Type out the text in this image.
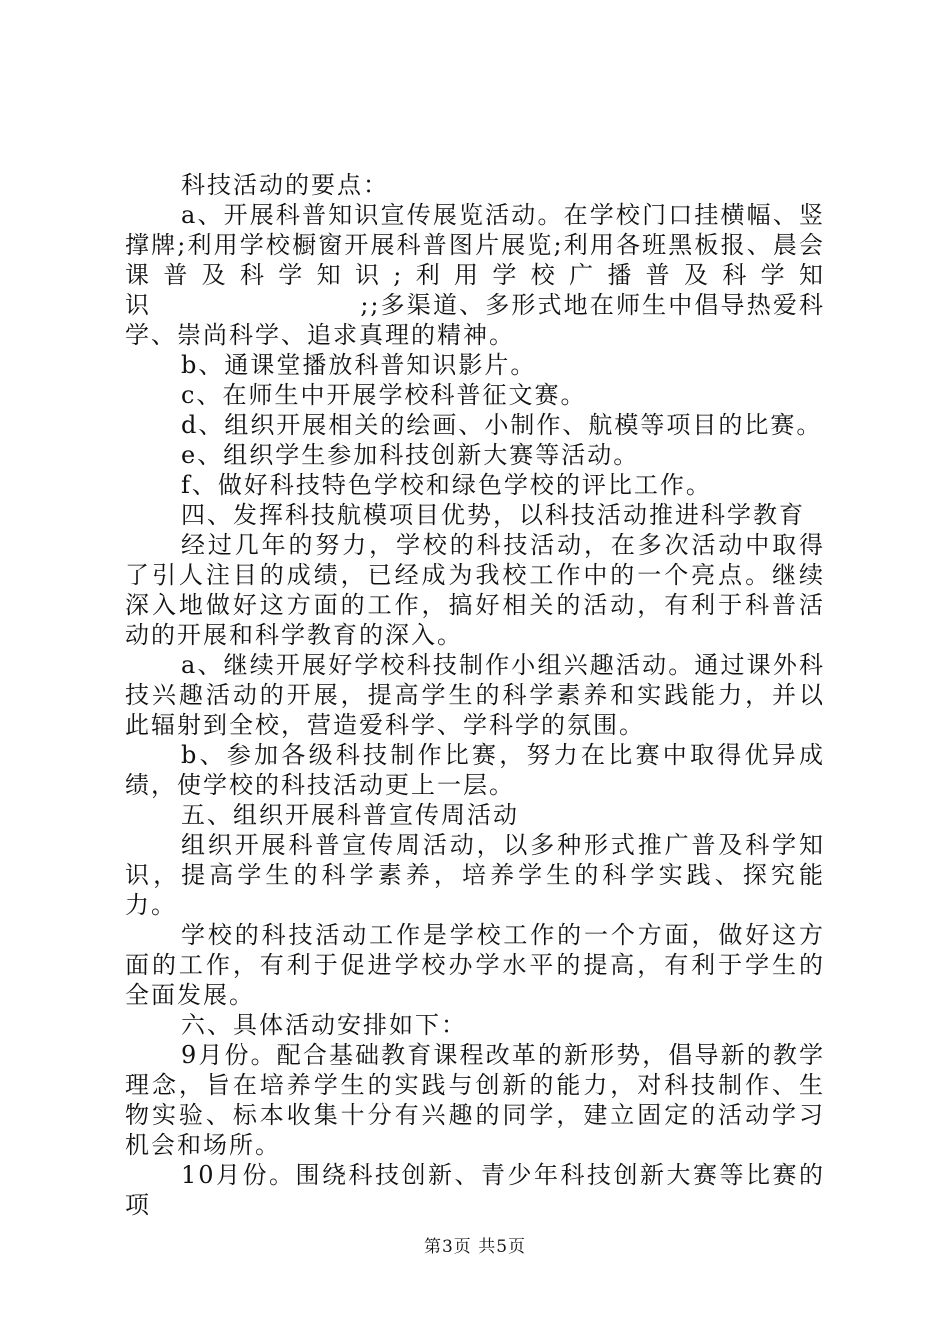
科技活动的要点：

a、开展科普知识宣传展览活动。在学校门口挂横幅、竖撑牌;利用学校橱窗开展科普图片展览;利用各班黑板报、晨会课普及科学知识;利用学校广播普及科学知识　　　　　　　　;;多渠道、多形式地在师生中倡导热爱科学、崇尚科学、追求真理的精神。

b、通课堂播放科普知识影片。

c、在师生中开展学校科普征文赛。

d、组织开展相关的绘画、小制作、航模等项目的比赛。

e、组织学生参加科技创新大赛等活动。

f、做好科技特色学校和绿色学校的评比工作。

四、发挥科技航模项目优势，以科技活动推进科学教育

经过几年的努力，学校的科技活动，在多次活动中取得了引人注目的成绩，已经成为我校工作中的一个亮点。继续深入地做好这方面的工作，搞好相关的活动，有利于科普活动的开展和科学教育的深入。

a、继续开展好学校科技制作小组兴趣活动。通过课外科技兴趣活动的开展，提高学生的科学素养和实践能力，并以此辐射到全校，营造爱科学、学科学的氛围。

b、参加各级科技制作比赛，努力在比赛中取得优异成绩，使学校的科技活动更上一层。

五、组织开展科普宣传周活动

组织开展科普宣传周活动，以多种形式推广普及科学知识，提高学生的科学素养，培养学生的科学实践、探究能力。

学校的科技活动工作是学校工作的一个方面，做好这方面的工作，有利于促进学校办学水平的提高，有利于学生的全面发展。

六、具体活动安排如下：

9月份。配合基础教育课程改革的新形势，倡导新的教学理念，旨在培养学生的实践与创新的能力，对科技制作、生物实验、标本收集十分有兴趣的同学，建立固定的活动学习机会和场所。

10月份。围绕科技创新、青少年科技创新大赛等比赛的项

第3页 共5页
